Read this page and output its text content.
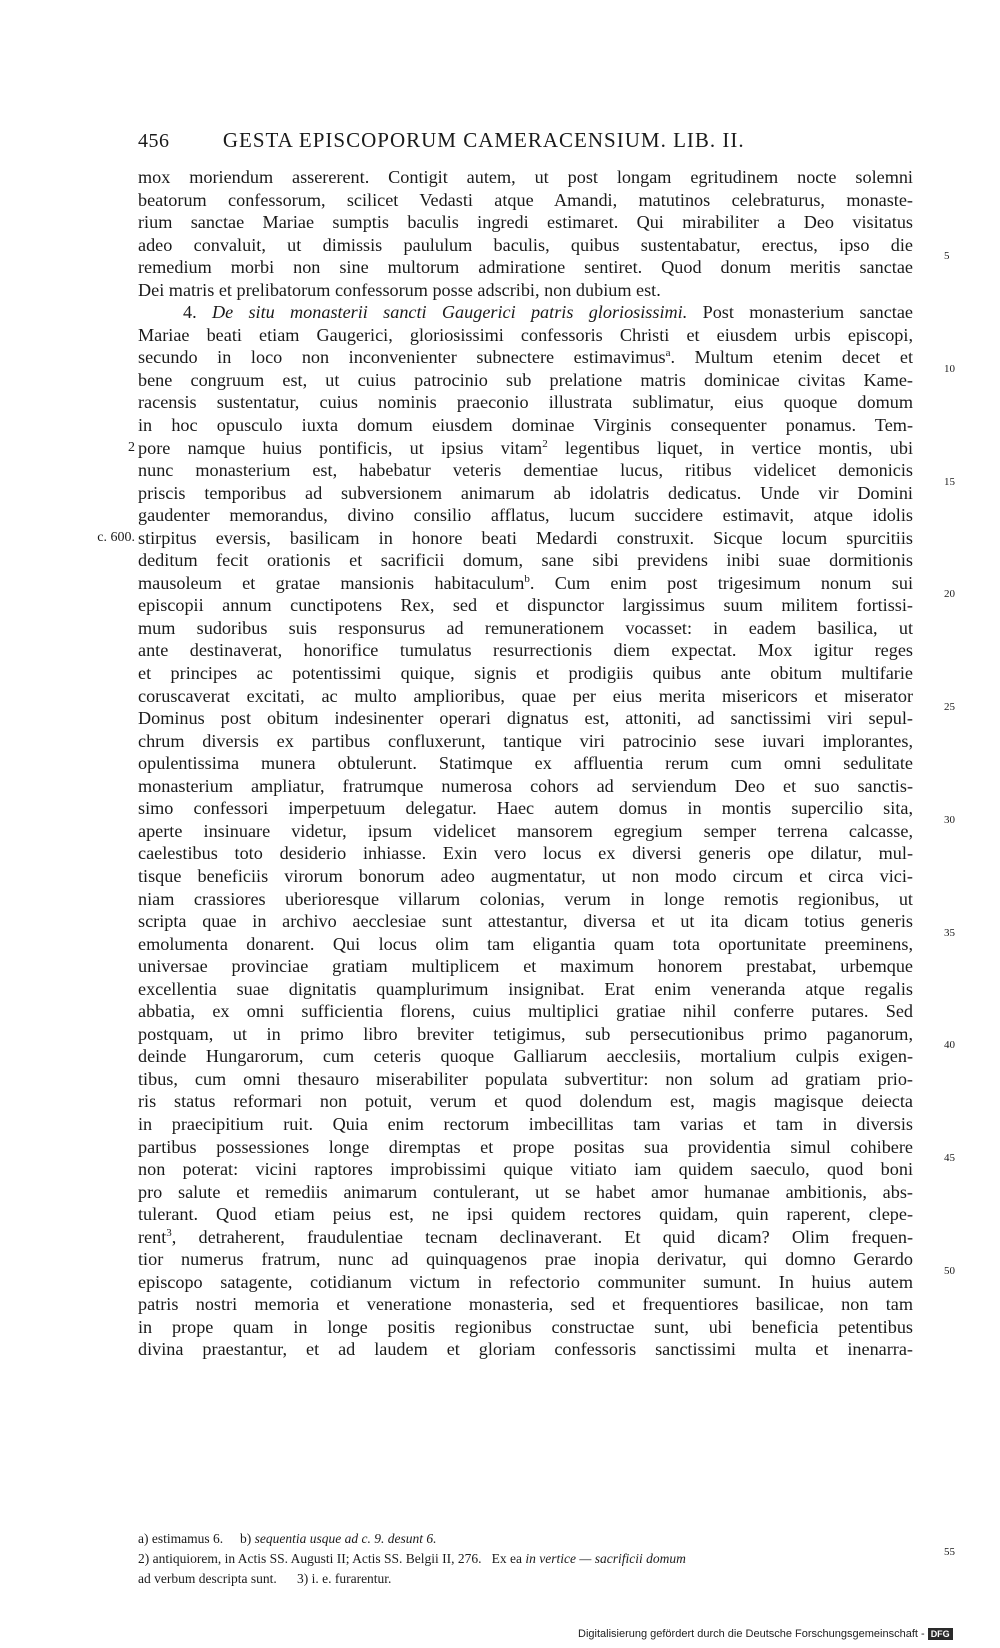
456	GESTA EPISCOPORUM CAMERACENSIUM. LIB. II.
mox moriendum assererent. Contigit autem, ut post longam egritudinem nocte solemni
beatorum confessorum, scilicet Vedasti atque Amandi, matutinos celebraturus, monaste-
rium sanctae Mariae sumptis baculis ingredi estimaret. Qui mirabiliter a Deo visitatus
adeo convaluit, ut dimissis paululum baculis, quibus sustentabatur, erectus, ipso die
remedium morbi non sine multorum admiratione sentiret. Quod donum meritis sanctae
5
Dei matris et prelibatorum confessorum posse adscribi, non dubium est.
4. De situ monasterii sancti Gaugerici patris gloriosissimi. Post monasterium sanctae
Mariae beati etiam Gaugerici, gloriosissimi confessoris Christi et eiusdem urbis episcopi,
secundo in loco non inconvenienter subnectere estimavimus$^a$. Multum etenim decet et
bene congruum est, ut cuius patrocinio sub prelatione matris dominicae civitas Kame-
10
racensis sustentatur, cuius nominis praeconio illustrata sublimatur, eius quoque domum
in hoc opusculo iuxta domum eiusdem dominae Virginis consequenter ponamus. Tem-
pore namque huius pontificis, ut ipsius vitam$^2$ legentibus liquet, in vertice montis, ubi
2
nunc monasterium est, habebatur veteris dementiae lucus, ritibus videlicet demonicis
priscis temporibus ad subversionem animarum ab idolatris dedicatus. Unde vir Domini
15
gaudenter memorandus, divino consilio afflatus, lucum succidere estimavit, atque idolis
stirpitus eversis, basilicam in honore beati Medardi construxit. Sicque locum spurcitiis
c. 600.
deditum fecit orationis et sacrificii domum, sane sibi previdens inibi suae dormitionis
mausoleum et gratae mansionis habitaculum$^b$. Cum enim post trigesimum nonum sui
episcopii annum cunctipotens Rex, sed et dispunctor largissimus suum militem fortissi-
20
mum sudoribus suis responsurus ad remunerationem vocasset: in eadem basilica, ut
ante destinaverat, honorifice tumulatus resurrectionis diem expectat. Mox igitur reges
et principes ac potentissimi quique, signis et prodigiis quibus ante obitum multifarie
coruscaverat excitati, ac multo amplioribus, quae per eius merita misericors et miserator
Dominus post obitum indesinenter operari dignatus est, attoniti, ad sanctissimi viri sepul-
25
chrum diversis ex partibus confluxerunt, tantique viri patrocinio sese iuvari implorantes,
opulentissima munera obtulerunt. Statimque ex affluentia rerum cum omni sedulitate
monasterium ampliatur, fratrumque numerosa cohors ad serviendum Deo et suo sanctis-
simo confessori imperpetuum delegatur. Haec autem domus in montis supercilio sita,
aperte insinuare videtur, ipsum videlicet mansorem egregium semper terrena calcasse,
30
caelestibus toto desiderio inhiasse. Exin vero locus ex diversi generis ope dilatur, mul-
tisque beneficiis virorum bonorum adeo augmentatur, ut non modo circum et circa vici-
niam crassiores uberioresque villarum colonias, verum in longe remotis regionibus, ut
scripta quae in archivo aecclesiae sunt attestantur, diversa et ut ita dicam totius generis
emolumenta donarent. Qui locus olim tam eligantia quam tota oportunitate preeminens,
35
universae provinciae gratiam multiplicem et maximum honorem prestabat, urbemque
excellentia suae dignitatis quamplurimum insignibat. Erat enim veneranda atque regalis
abbatia, ex omni sufficientia florens, cuius multiplici gratiae nihil conferre putares. Sed
postquam, ut in primo libro breviter tetigimus, sub persecutionibus primo paganorum,
deinde Hungarorum, cum ceteris quoque Galliarum aecclesiis, mortalium culpis exigen-
40
tibus, cum omni thesauro miserabiliter populata subvertitur: non solum ad gratiam prio-
ris status reformari non potuit, verum et quod dolendum est, magis magisque deiecta
in praecipitium ruit. Quia enim rectorum imbecillitas tam varias et tam in diversis
partibus possessiones longe diremptas et prope positas sua providentia simul cohibere
non poterat: vicini raptores improbissimi quique vitiato iam quidem saeculo, quod boni
45
pro salute et remediis animarum contulerant, ut se habet amor humanae ambitionis, abs-
tulerant. Quod etiam peius est, ne ipsi quidem rectores quidam, quin raperent, clepe-
rent$^3$, detraherent, fraudulentiae tecnam declinaverant. Et quid dicam? Olim frequen-
tior numerus fratrum, nunc ad quinquagenos prae inopia derivatur, qui domno Gerardo
episcopo satagente, cotidianum victum in refectorio communiter sumunt. In huius autem
50
patris nostri memoria et veneratione monasteria, sed et frequentiores basilicae, non tam
in prope quam in longe positis regionibus constructae sunt, ubi beneficia petentibus
divina praestantur, et ad laudem et gloriam confessoris sanctissimi multa et inenarra-
a) estimamus 6. b) sequentia usque ad c. 9. desunt 6.
2) antiquiorem, in Actis SS. Augusti II; Actis SS. Belgii II, 276. Ex ea in vertice — sacrificii domum	55
ad verbum descripta sunt. 3) i. e. furarentur.
Digitalisierung gefördert durch die Deutsche Forschungsgemeinschaft - DFG
